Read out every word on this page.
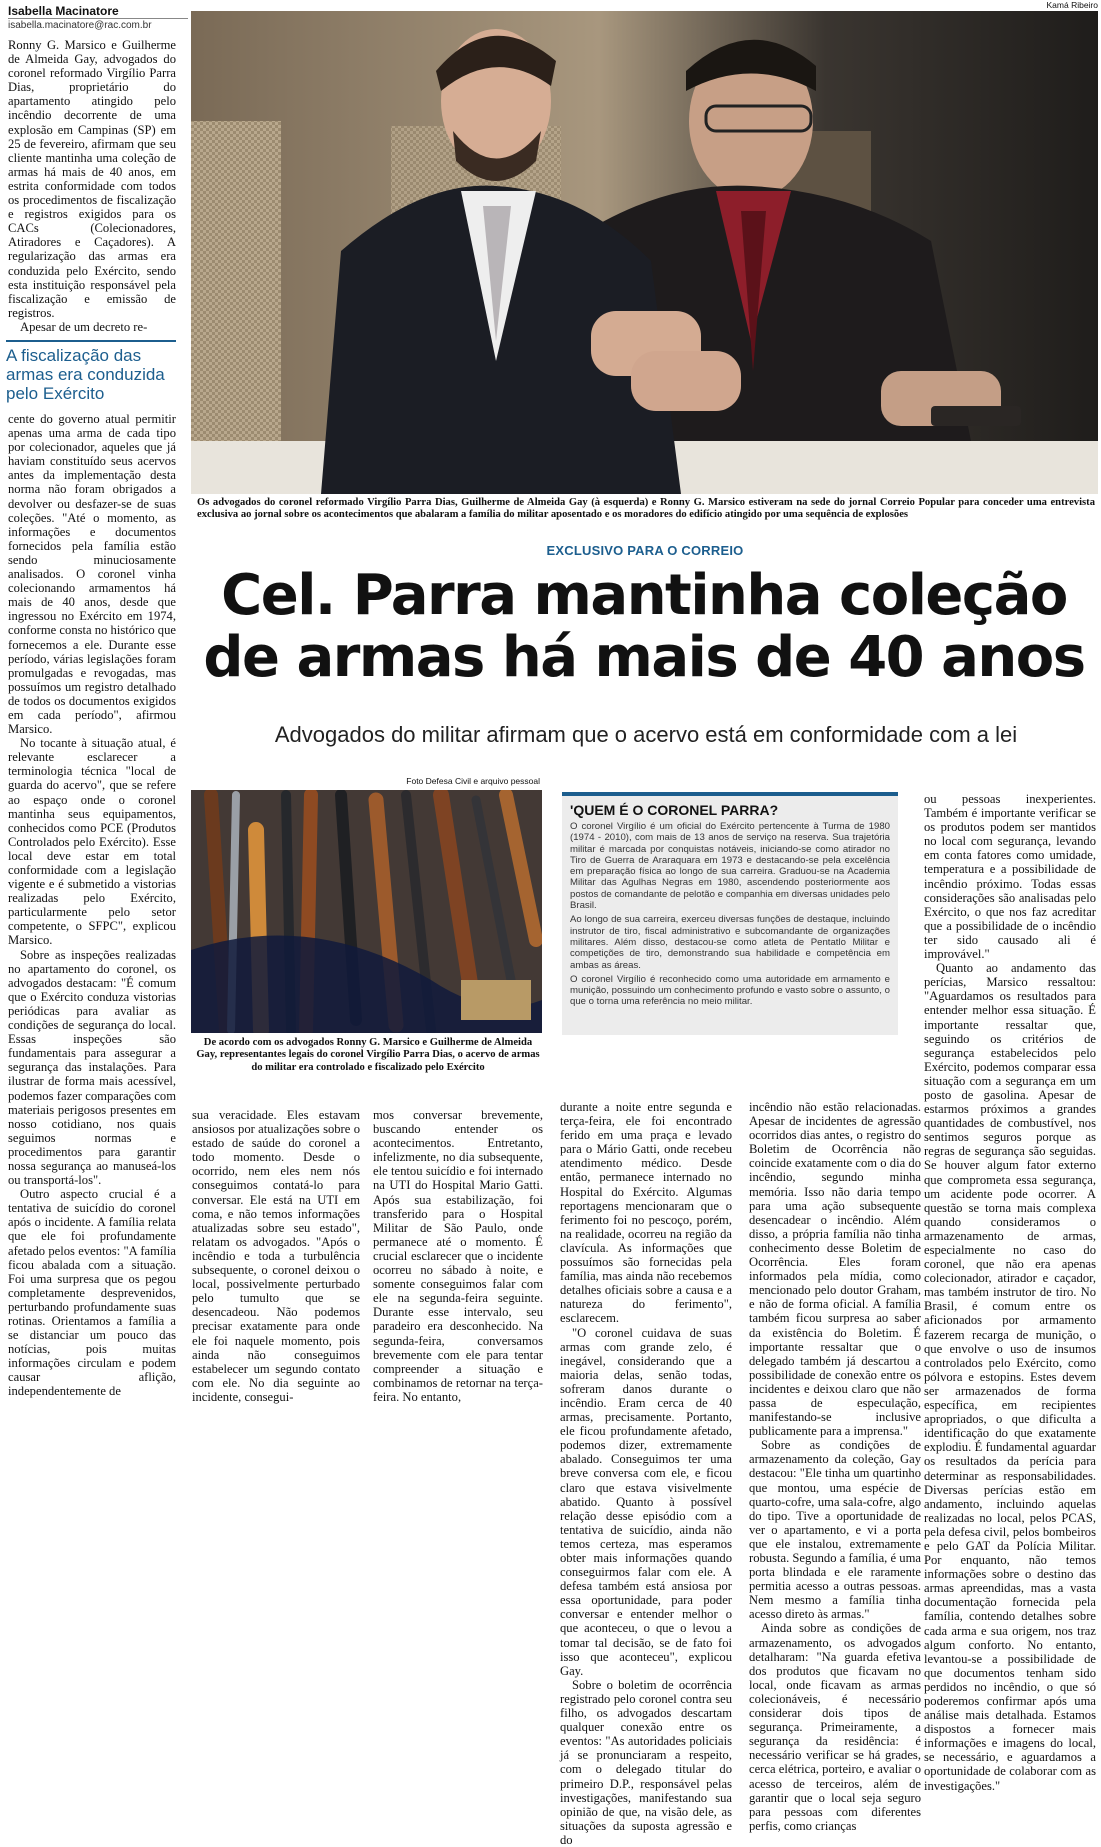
Isabella Macinatore
isabella.macinatore@rac.com.br

Ronny G. Marsico e Guilherme de Almeida Gay, advogados do coronel reformado Virgílio Parra Dias, proprietário do apartamento atingido pelo incêndio decorrente de uma explosão em Campinas (SP) em 25 de fevereiro, afirmam que seu cliente mantinha uma coleção de armas há mais de 40 anos, em estrita conformidade com todos os procedimentos de fiscalização e registros exigidos para os CACs (Colecionadores, Atiradores e Caçadores). A regularização das armas era conduzida pelo Exército, sendo esta instituição responsável pela fiscalização e emissão de registros.

Apesar de um decreto re-

A fiscalização das armas era conduzida pelo Exército

cente do governo atual permitir apenas uma arma de cada tipo por colecionador, aqueles que já haviam constituído seus acervos antes da implementação desta norma não foram obrigados a devolver ou desfazer-se de suas coleções. "Até o momento, as informações e documentos fornecidos pela família estão sendo minuciosamente analisados. O coronel vinha colecionando armamentos há mais de 40 anos, desde que ingressou no Exército em 1974, conforme consta no histórico que fornecemos a ele. Durante esse período, várias legislações foram promulgadas e revogadas, mas possuímos um registro detalhado de todos os documentos exigidos em cada período", afirmou Marsico.

No tocante à situação atual, é relevante esclarecer a terminologia técnica "local de guarda do acervo", que se refere ao espaço onde o coronel mantinha seus equipamentos, conhecidos como PCE (Produtos Controlados pelo Exército). Esse local deve estar em total conformidade com a legislação vigente e é submetido a vistorias realizadas pelo Exército, particularmente pelo setor competente, o SFPC", explicou Marsico.

Sobre as inspeções realizadas no apartamento do coronel, os advogados destacam: "É comum que o Exército conduza vistorias periódicas para avaliar as condições de segurança do local. Essas inspeções são fundamentais para assegurar a segurança das instalações. Para ilustrar de forma mais acessível, podemos fazer comparações com materiais perigosos presentes em nosso cotidiano, nos quais seguimos normas e procedimentos para garantir nossa segurança ao manuseá-los ou transportá-los".

Outro aspecto crucial é a tentativa de suicídio do coronel após o incidente. A família relata que ele foi profundamente afetado pelos eventos: "A família ficou abalada com a situação. Foi uma surpresa que os pegou completamente desprevenidos, perturbando profundamente suas rotinas. Orientamos a família a se distanciar um pouco das notícias, pois muitas informações circulam e podem causar aflição, independentemente de

Kamá Ribeiro
Os advogados do coronel reformado Virgílio Parra Dias, Guilherme de Almeida Gay (à esquerda) e Ronny G. Marsico estiveram na sede do jornal Correio Popular para conceder uma entrevista exclusiva ao jornal sobre os acontecimentos que abalaram a família do militar aposentado e os moradores do edifício atingido por uma sequência de explosões
EXCLUSIVO PARA O CORREIO
Cel. Parra mantinha coleção
de armas há mais de 40 anos
Advogados do militar afirmam que o acervo está em conformidade com a lei
Foto Defesa Civil e arquivo pessoal
De acordo com os advogados Ronny G. Marsico e Guilherme de Almeida Gay, representantes legais do coronel Virgílio Parra Dias, o acervo de armas do militar era controlado e fiscalizado pelo Exército
'QUEM É O CORONEL PARRA?

O coronel Virgílio é um oficial do Exército pertencente à Turma de 1980 (1974 - 2010), com mais de 13 anos de serviço na reserva. Sua trajetória militar é marcada por conquistas notáveis, iniciando-se como atirador no Tiro de Guerra de Araraquara em 1973 e destacando-se pela excelência em preparação física ao longo de sua carreira. Graduou-se na Academia Militar das Agulhas Negras em 1980, ascendendo posteriormente aos postos de comandante de pelotão e companhia em diversas unidades pelo Brasil.

Ao longo de sua carreira, exerceu diversas funções de destaque, incluindo instrutor de tiro, fiscal administrativo e subcomandante de organizações militares. Além disso, destacou-se como atleta de Pentatlo Militar e competições de tiro, demonstrando sua habilidade e competência em ambas as áreas.

O coronel Virgílio é reconhecido como uma autoridade em armamento e munição, possuindo um conhecimento profundo e vasto sobre o assunto, o que o torna uma referência no meio militar.

sua veracidade. Eles estavam ansiosos por atualizações sobre o estado de saúde do coronel a todo momento. Desde o ocorrido, nem eles nem nós conseguimos contatá-lo para conversar. Ele está na UTI em coma, e não temos informações atualizadas sobre seu estado", relatam os advogados. "Após o incêndio e toda a turbulência subsequente, o coronel deixou o local, possivelmente perturbado pelo tumulto que se desencadeou. Não podemos precisar exatamente para onde ele foi naquele momento, pois ainda não conseguimos estabelecer um segundo contato com ele. No dia seguinte ao incidente, consegui-

mos conversar brevemente, buscando entender os acontecimentos. Entretanto, infelizmente, no dia subsequente, ele tentou suicídio e foi internado na UTI do Hospital Mario Gatti. Após sua estabilização, foi transferido para o Hospital Militar de São Paulo, onde permanece até o momento. É crucial esclarecer que o incidente ocorreu no sábado à noite, e somente conseguimos falar com ele na segunda-feira seguinte. Durante esse intervalo, seu paradeiro era desconhecido. Na segunda-feira, conversamos brevemente com ele para tentar compreender a situação e combinamos de retornar na terça-feira. No entanto,

durante a noite entre segunda e terça-feira, ele foi encontrado ferido em uma praça e levado para o Mário Gatti, onde recebeu atendimento médico. Desde então, permanece internado no Hospital do Exército. Algumas reportagens mencionaram que o ferimento foi no pescoço, porém, na realidade, ocorreu na região da clavícula. As informações que possuímos são fornecidas pela família, mas ainda não recebemos detalhes oficiais sobre a causa e a natureza do ferimento", esclarecem.

"O coronel cuidava de suas armas com grande zelo, é inegável, considerando que a maioria delas, senão todas, sofreram danos durante o incêndio. Eram cerca de 40 armas, precisamente. Portanto, ele ficou profundamente afetado, podemos dizer, extremamente abalado. Conseguimos ter uma breve conversa com ele, e ficou claro que estava visivelmente abatido. Quanto à possível relação desse episódio com a tentativa de suicídio, ainda não temos certeza, mas esperamos obter mais informações quando conseguirmos falar com ele. A defesa também está ansiosa por essa oportunidade, para poder conversar e entender melhor o que aconteceu, o que o levou a tomar tal decisão, se de fato foi isso que aconteceu", explicou Gay.

Sobre o boletim de ocorrência registrado pelo coronel contra seu filho, os advogados descartam qualquer conexão entre os eventos: "As autoridades policiais já se pronunciaram a respeito, com o delegado titular do primeiro D.P., responsável pelas investigações, manifestando sua opinião de que, na visão dele, as situações da suposta agressão e do

incêndio não estão relacionadas. Apesar de incidentes de agressão ocorridos dias antes, o registro do Boletim de Ocorrência não coincide exatamente com o dia do incêndio, segundo minha memória. Isso não daria tempo para uma ação subsequente desencadear o incêndio. Além disso, a própria família não tinha conhecimento desse Boletim de Ocorrência. Eles foram informados pela mídia, como mencionado pelo doutor Graham, e não de forma oficial. A família também ficou surpresa ao saber da existência do Boletim. É importante ressaltar que o delegado também já descartou a possibilidade de conexão entre os incidentes e deixou claro que não passa de especulação, manifestando-se inclusive publicamente para a imprensa."

Sobre as condições de armazenamento da coleção, Gay destacou: "Ele tinha um quartinho que montou, uma espécie de quarto-cofre, uma sala-cofre, algo do tipo. Tive a oportunidade de ver o apartamento, e vi a porta que ele instalou, extremamente robusta. Segundo a família, é uma porta blindada e ele raramente permitia acesso a outras pessoas. Nem mesmo a família tinha acesso direto às armas."

Ainda sobre as condições de armazenamento, os advogados detalharam: "Na guarda efetiva dos produtos que ficavam no local, onde ficavam as armas colecionáveis, é necessário considerar dois tipos de segurança. Primeiramente, a segurança da residência: é necessário verificar se há grades, cerca elétrica, porteiro, e avaliar o acesso de terceiros, além de garantir que o local seja seguro para pessoas com diferentes perfis, como crianças

ou pessoas inexperientes. Também é importante verificar se os produtos podem ser mantidos no local com segurança, levando em conta fatores como umidade, temperatura e a possibilidade de incêndio próximo. Todas essas considerações são analisadas pelo Exército, o que nos faz acreditar que a possibilidade de o incêndio ter sido causado ali é improvável."

Quanto ao andamento das perícias, Marsico ressaltou: "Aguardamos os resultados para entender melhor essa situação. É importante ressaltar que, seguindo os critérios de segurança estabelecidos pelo Exército, podemos comparar essa situação com a segurança em um posto de gasolina. Apesar de estarmos próximos a grandes quantidades de combustível, nos sentimos seguros porque as regras de segurança são seguidas. Se houver algum fator externo que comprometa essa segurança, um acidente pode ocorrer. A questão se torna mais complexa quando consideramos o armazenamento de armas, especialmente no caso do coronel, que não era apenas colecionador, atirador e caçador, mas também instrutor de tiro. No Brasil, é comum entre os aficionados por armamento fazerem recarga de munição, o que envolve o uso de insumos controlados pelo Exército, como pólvora e estopins. Estes devem ser armazenados de forma específica, em recipientes apropriados, o que dificulta a identificação do que exatamente explodiu. É fundamental aguardar os resultados da perícia para determinar as responsabilidades. Diversas perícias estão em andamento, incluindo aquelas realizadas no local, pelos PCAS, pela defesa civil, pelos bombeiros e pelo GAT da Polícia Militar. Por enquanto, não temos informações sobre o destino das armas apreendidas, mas a vasta documentação fornecida pela família, contendo detalhes sobre cada arma e sua origem, nos traz algum conforto. No entanto, levantou-se a possibilidade de que documentos tenham sido perdidos no incêndio, o que só poderemos confirmar após uma análise mais detalhada. Estamos dispostos a fornecer mais informações e imagens do local, se necessário, e aguardamos a oportunidade de colaborar com as investigações."
